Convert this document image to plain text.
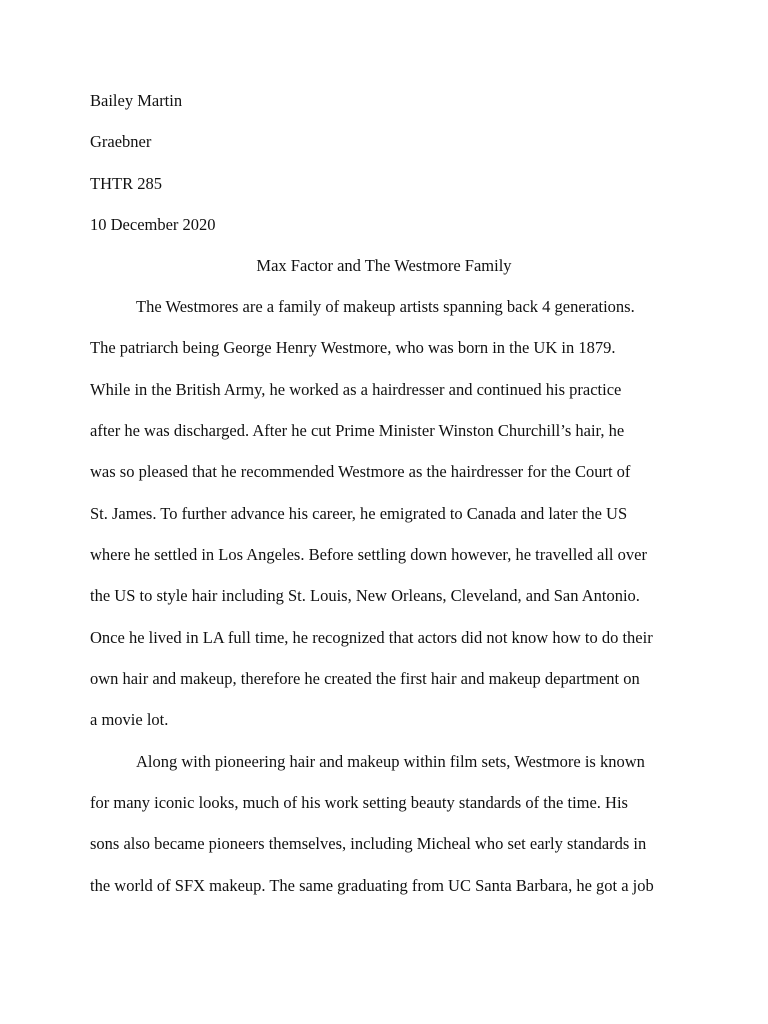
Bailey Martin
Graebner
THTR 285
10 December 2020
Max Factor and The Westmore Family
The Westmores are a family of makeup artists spanning back 4 generations.
The patriarch being George Henry Westmore, who was born in the UK in 1879.
While in the British Army, he worked as a hairdresser and continued his practice
after he was discharged. After he cut Prime Minister Winston Churchill’s hair, he
was so pleased that he recommended Westmore as the hairdresser for the Court of
St. James. To further advance his career, he emigrated to Canada and later the US
where he settled in Los Angeles. Before settling down however, he travelled all over
the US to style hair including St. Louis, New Orleans, Cleveland, and San Antonio.
Once he lived in LA full time, he recognized that actors did not know how to do their
own hair and makeup, therefore he created the first hair and makeup department on
a movie lot.
Along with pioneering hair and makeup within film sets, Westmore is known
for many iconic looks, much of his work setting beauty standards of the time. His
sons also became pioneers themselves, including Micheal who set early standards in
the world of SFX makeup. The same graduating from UC Santa Barbara, he got a job
